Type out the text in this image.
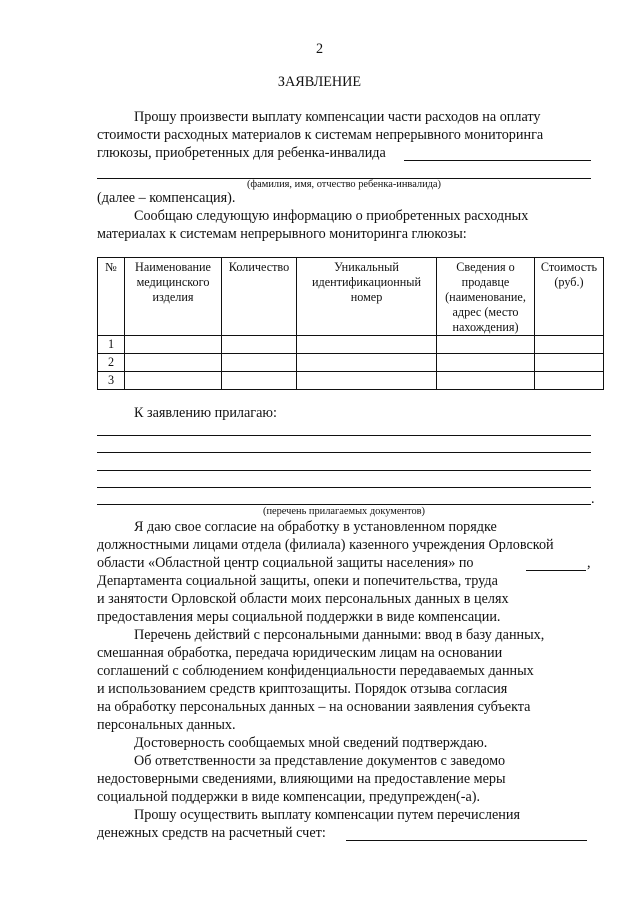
2
ЗАЯВЛЕНИЕ
Прошу произвести выплату компенсации части расходов на оплату
стоимости расходных материалов к системам непрерывного мониторинга
глюкозы, приобретенных для ребенка-инвалида
(фамилия, имя, отчество ребенка-инвалида)
(далее – компенсация).
Сообщаю следующую информацию о приобретенных расходных
материалах к системам непрерывного мониторинга глюкозы:
№	Наименование медицинского изделия	Количество	Уникальный идентификационный номер	Сведения о продавце (наименование, адрес (место нахождения)	Стоимость (руб.)
1					
2					
3					
К заявлению прилагаю:
.
(перечень прилагаемых документов)
Я даю свое согласие на обработку в установленном порядке
должностными лицами отдела (филиала) казенного учреждения Орловской
области «Областной центр социальной защиты населения» по	,
Департамента социальной защиты, опеки и попечительства, труда
и занятости Орловской области моих персональных данных в целях
предоставления меры социальной поддержки в виде компенсации.
Перечень действий с персональными данными: ввод в базу данных,
смешанная обработка, передача юридическим лицам на основании
соглашений с соблюдением конфиденциальности передаваемых данных
и использованием средств криптозащиты. Порядок отзыва согласия
на обработку персональных данных – на основании заявления субъекта
персональных данных.
Достоверность сообщаемых мной сведений подтверждаю.
Об ответственности за представление документов с заведомо
недостоверными сведениями, влияющими на предоставление меры
социальной поддержки в виде компенсации, предупрежден(-а).
Прошу осуществить выплату компенсации путем перечисления
денежных средств на расчетный счет:
